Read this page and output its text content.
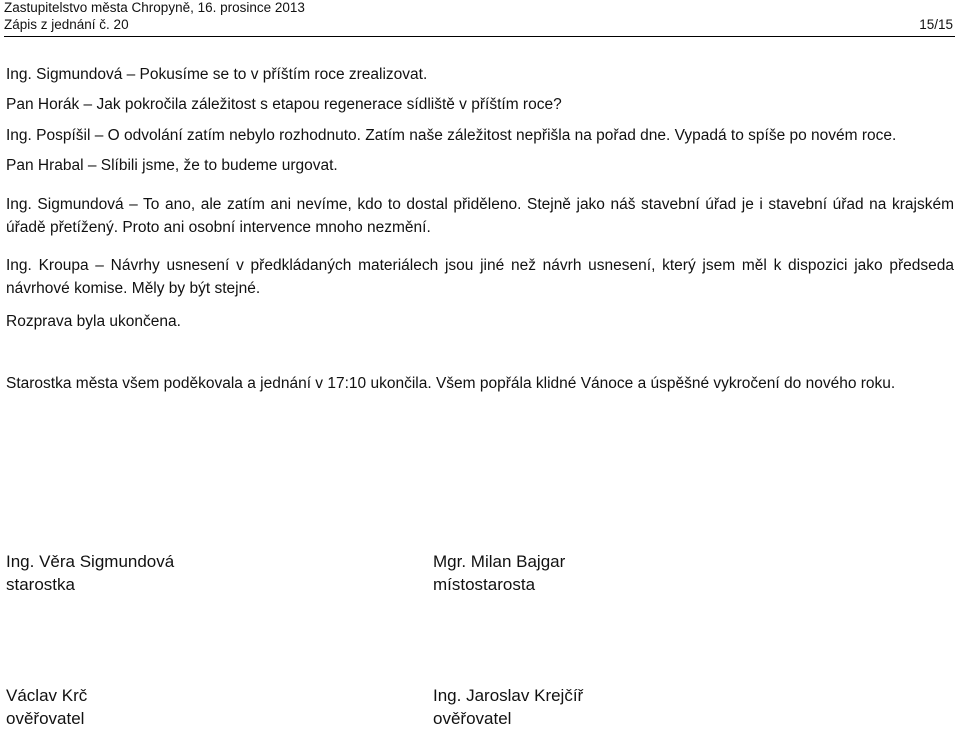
Zastupitelstvo města Chropyně, 16. prosince 2013
Zápis z jednání č. 20	15/15
Ing. Sigmundová – Pokusíme se to v příštím roce zrealizovat.
Pan Horák – Jak pokročila záležitost s etapou regenerace sídliště v příštím roce?
Ing. Pospíšil – O odvolání zatím nebylo rozhodnuto. Zatím naše záležitost nepřišla na pořad dne. Vypadá to spíše po novém roce.
Pan Hrabal – Slíbili jsme, že to budeme urgovat.
Ing. Sigmundová – To ano, ale zatím ani nevíme, kdo to dostal přiděleno. Stejně jako náš stavební úřad je i stavební úřad na krajském úřadě přetížený. Proto ani osobní intervence mnoho nezmění.
Ing. Kroupa – Návrhy usnesení v předkládaných materiálech jsou jiné než návrh usnesení, který jsem měl k dispozici jako předseda návrhové komise. Měly by být stejné.
Rozprava byla ukončena.
Starostka města všem poděkovala a jednání v 17:10 ukončila. Všem popřála klidné Vánoce a úspěšné vykročení do nového roku.
Ing. Věra Sigmundová
starostka
Mgr. Milan Bajgar
místostarosta
Václav Krč
ověřovatel
Ing. Jaroslav Krejčíř
ověřovatel
